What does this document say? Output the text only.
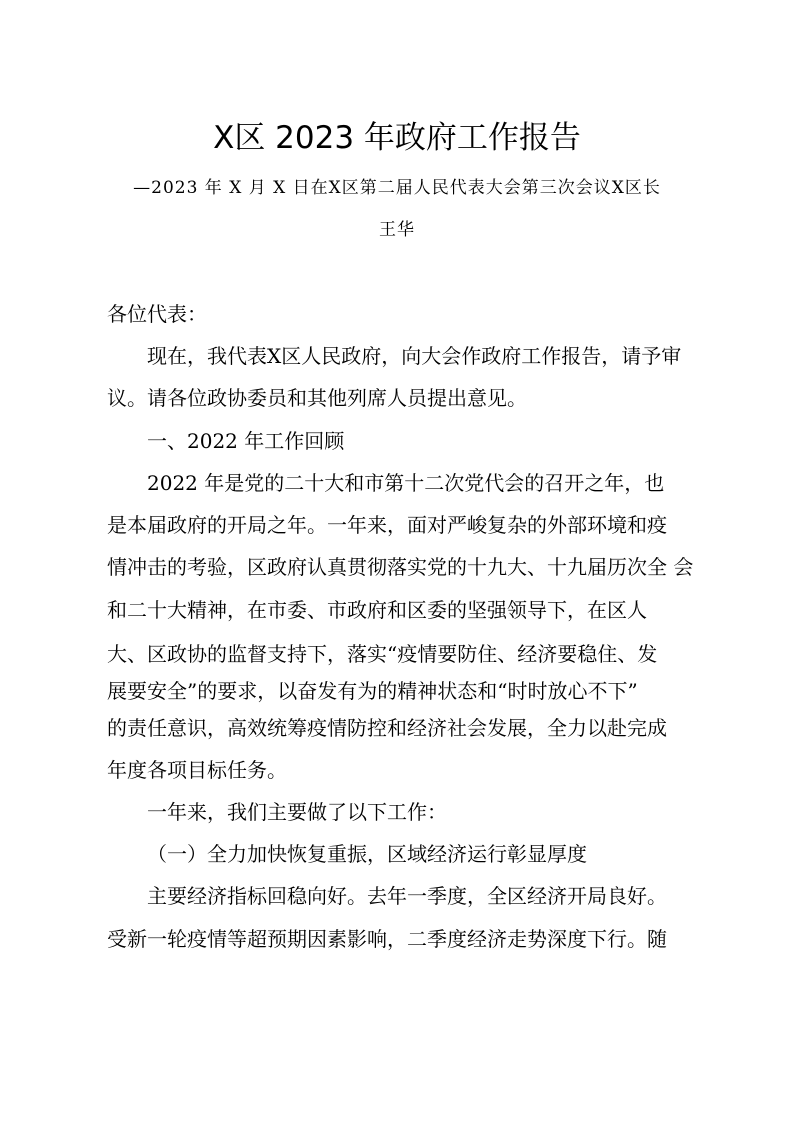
X区 2023 年政府工作报告
—2023 年 X 月 X 日在X区第二届人民代表大会第三次会议X区长
王华
各位代表：
现在，我代表X区人民政府，向大会作政府工作报告，请予审
议。请各位政协委员和其他列席人员提出意见。
一、2022 年工作回顾
2022 年是党的二十大和市第十二次党代会的召开之年，也
是本届政府的开局之年。一年来，面对严峻复杂的外部环境和疫
情冲击的考验，区政府认真贯彻落实党的十九大、十九届历次全 会
和二十大精神，在市委、市政府和区委的坚强领导下，在区人
大、区政协的监督支持下，落实“疫情要防住、经济要稳住、发
展要安全”的要求，以奋发有为的精神状态和“时时放心不下”
的责任意识，高效统筹疫情防控和经济社会发展，全力以赴完成
年度各项目标任务。
一年来，我们主要做了以下工作：
（一）全力加快恢复重振，区域经济运行彰显厚度
主要经济指标回稳向好。去年一季度，全区经济开局良好。
受新一轮疫情等超预期因素影响，二季度经济走势深度下行。随
